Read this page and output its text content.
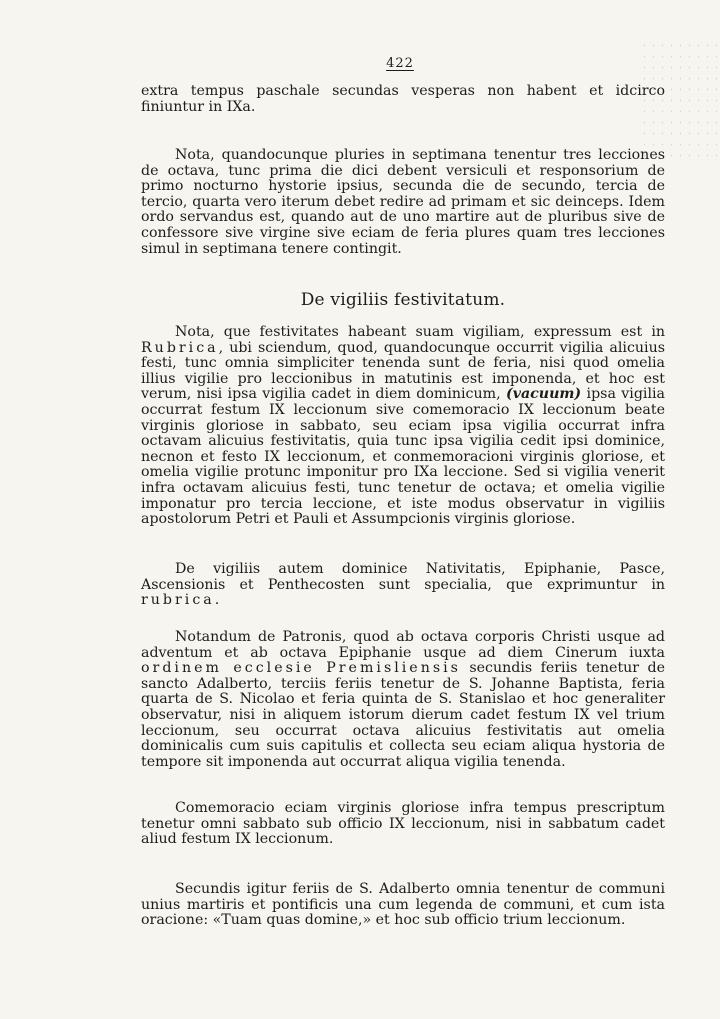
422

extra tempus paschale secundas vesperas non habent et idcirco finiuntur in IXa.

Nota, quandocunque pluries in septimana tenentur tres lecciones de octava, tunc prima die dici debent versiculi et responsorium de primo nocturno hystorie ipsius, secunda die de secundo, tercia de tercio, quarta vero iterum debet redire ad primam et sic deinceps. Idem ordo servandus est, quando aut de uno martire aut de pluribus sive de confessore sive virgine sive eciam de feria plures quam tres lecciones simul in septimana tenere contingit.

De vigiliis festivitatum.

Nota, que festivitates habeant suam vigiliam, expressum est in Rubrica, ubi sciendum, quod, quandocunque occurrit vigilia alicuius festi, tunc omnia simpliciter tenenda sunt de feria, nisi quod omelia illius vigilie pro leccionibus in matutinis est imponenda, et hoc est verum, nisi ipsa vigilia cadet in diem dominicum, (vacuum) ipsa vigilia occurrat festum IX leccionum sive comemoracio IX leccionum beate virginis gloriose in sabbato, seu eciam ipsa vigilia occurrat infra octavam alicuius festivitatis, quia tunc ipsa vigilia cedit ipsi dominice, necnon et festo IX leccionum, et conmemoracioni virginis gloriose, et omelia vigilie protunc imponitur pro IXa leccione. Sed si vigilia venerit infra octavam alicuius festi, tunc tenetur de octava; et omelia vigilie imponatur pro tercia leccione, et iste modus observatur in vigiliis apostolorum Petri et Pauli et Assumpcionis virginis gloriose.

De vigiliis autem dominice Nativitatis, Epiphanie, Pasce, Ascensionis et Penthecosten sunt specialia, que exprimuntur in rubrica.

Notandum de Patronis, quod ab octava corporis Christi usque ad adventum et ab octava Epiphanie usque ad diem Cinerum iuxta ordinem ecclesie Premisliensis secundis feriis tenetur de sancto Adalberto, terciis feriis tenetur de S. Johanne Baptista, feria quarta de S. Nicolao et feria quinta de S. Stanislao et hoc generaliter observatur, nisi in aliquem istorum dierum cadet festum IX vel trium leccionum, seu occurrat octava alicuius festivitatis aut omelia dominicalis cum suis capitulis et collecta seu eciam aliqua hystoria de tempore sit imponenda aut occurrat aliqua vigilia tenenda.

Comemoracio eciam virginis gloriose infra tempus prescriptum tenetur omni sabbato sub officio IX leccionum, nisi in sabbatum cadet aliud festum IX leccionum.

Secundis igitur feriis de S. Adalberto omnia tenentur de communi unius martiris et pontificis una cum legenda de communi, et cum ista oracione: «Tuam quas domine,» et hoc sub officio trium leccionum.
